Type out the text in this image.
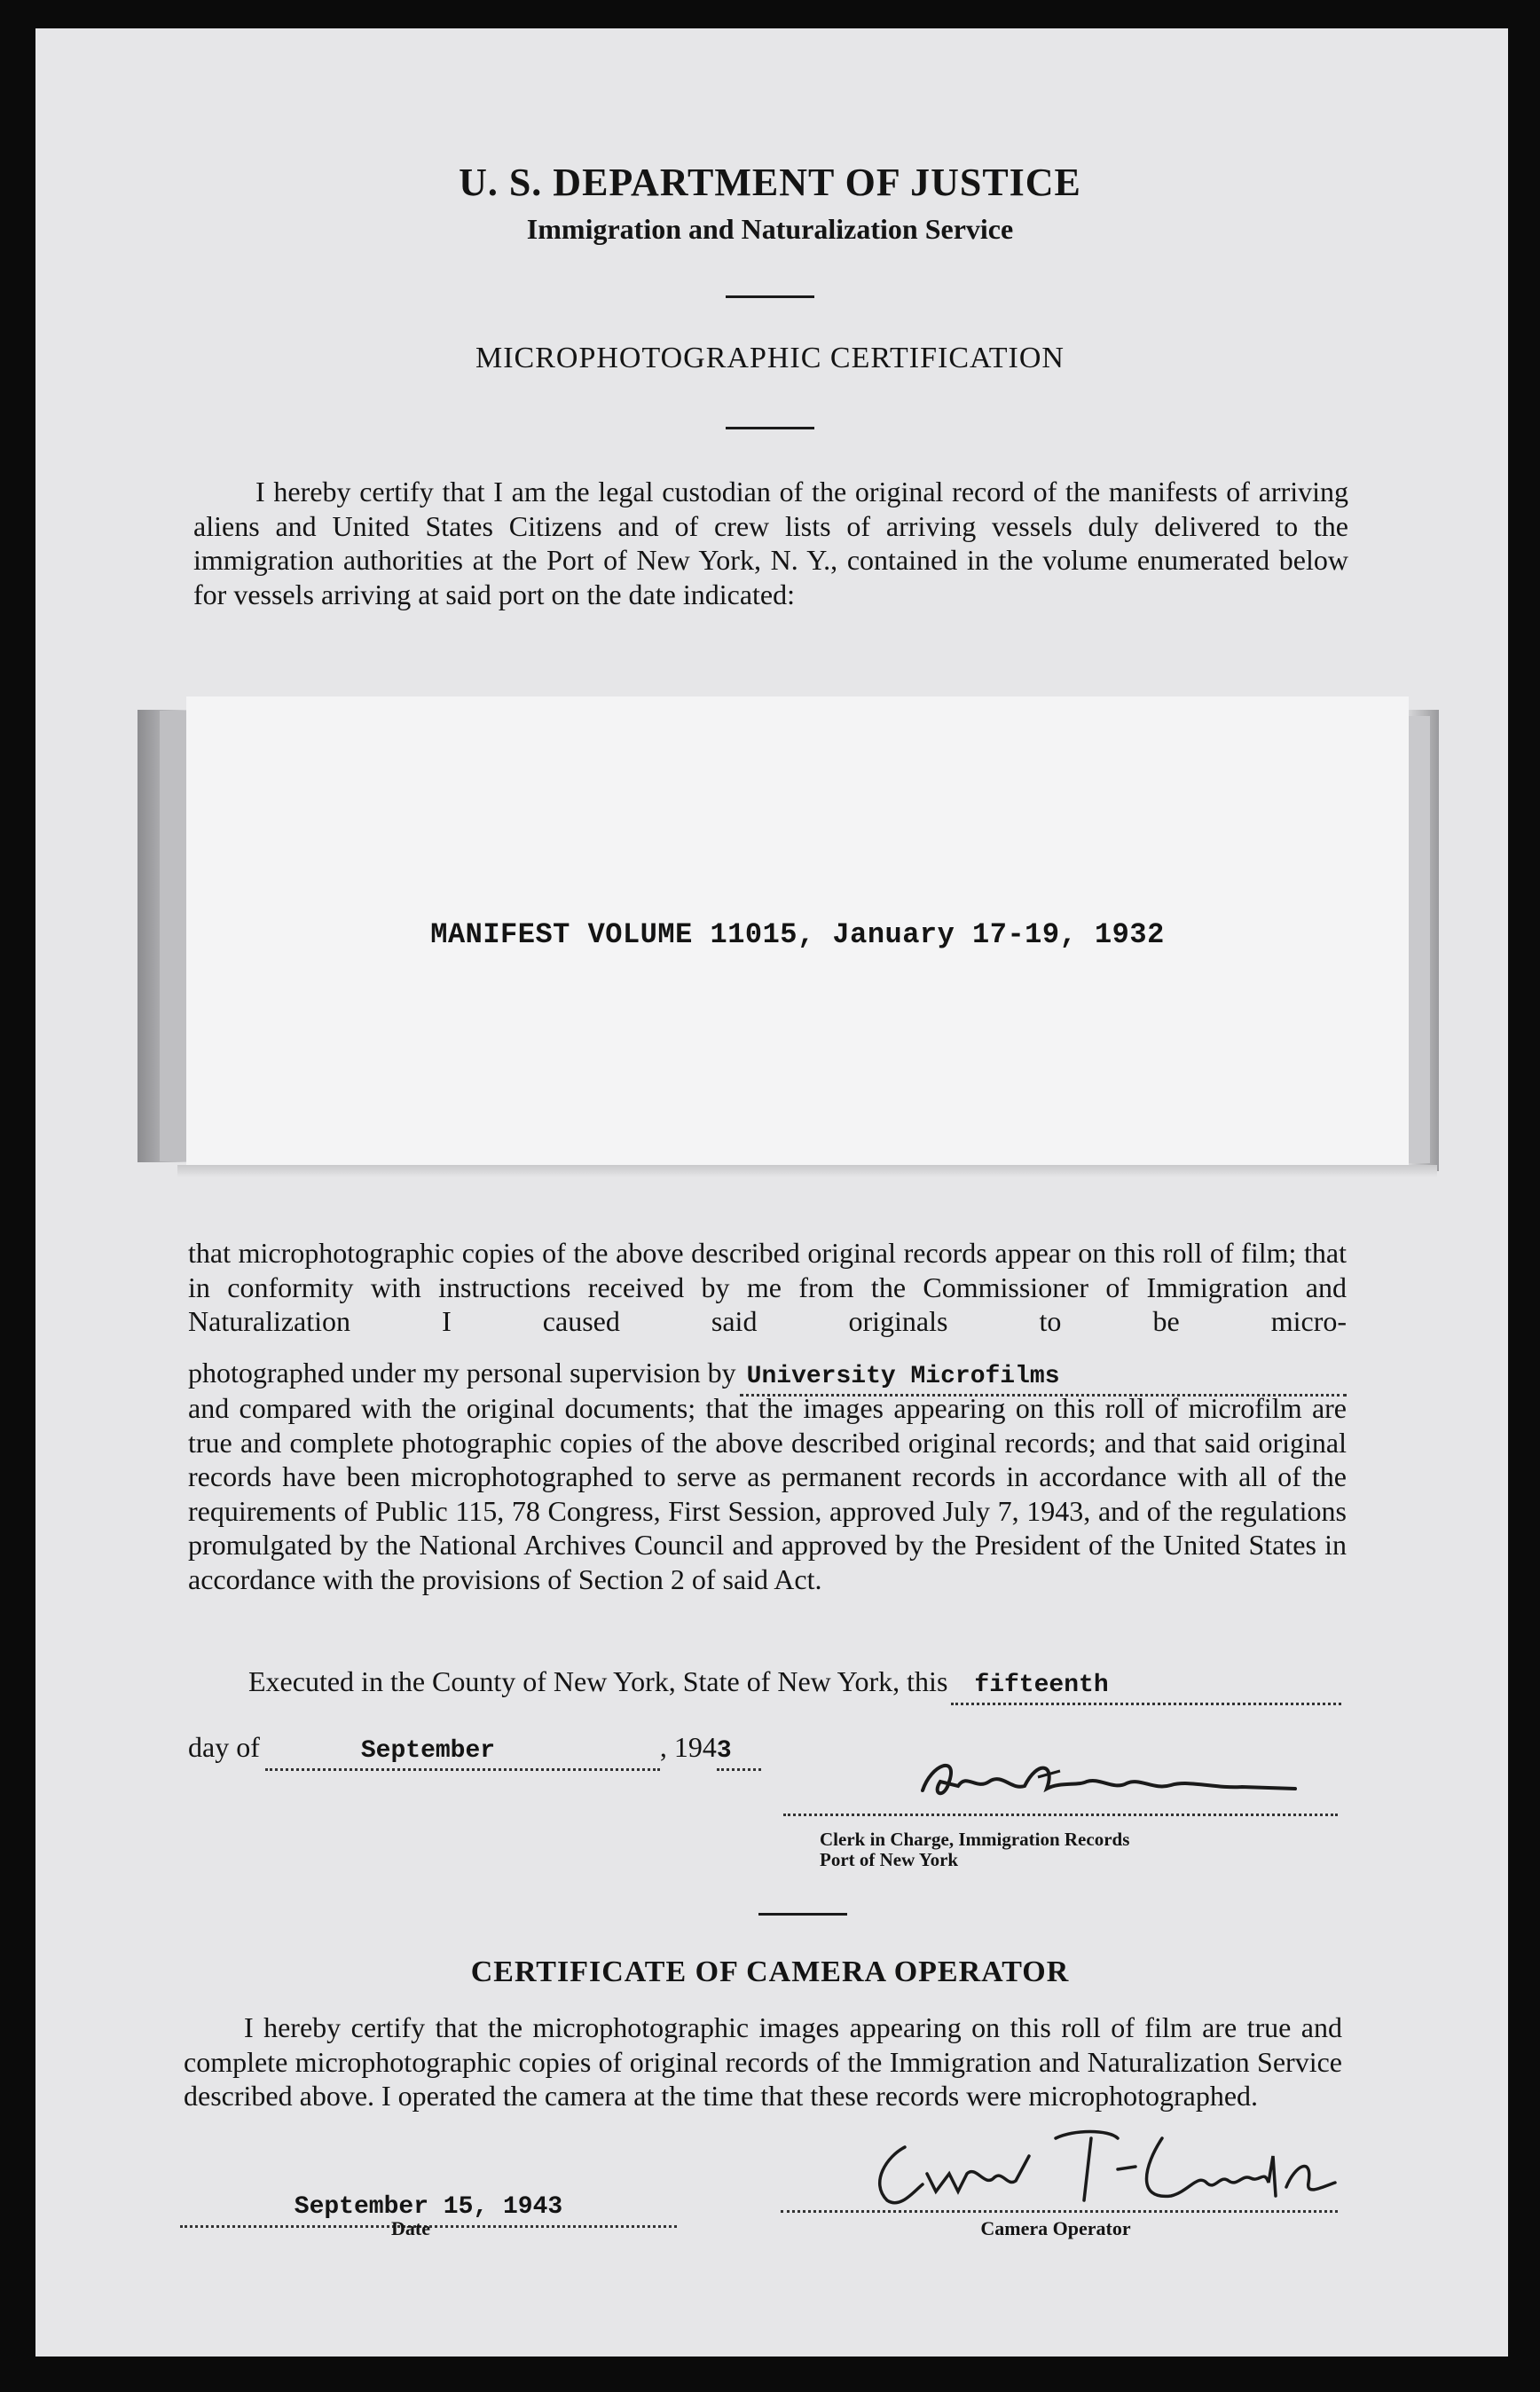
U. S. DEPARTMENT OF JUSTICE
Immigration and Naturalization Service
MICROPHOTOGRAPHIC CERTIFICATION
I hereby certify that I am the legal custodian of the original record of the manifests of arriving aliens and United States Citizens and of crew lists of arriving vessels duly delivered to the immigration authorities at the Port of New York, N. Y., contained in the volume enumerated below for vessels arriving at said port on the date indicated:
MANIFEST VOLUME 11015, January 17-19, 1932
that microphotographic copies of the above described original records appear on this roll of film; that in conformity with instructions received by me from the Commissioner of Immigration and Naturalization I caused said originals to be micro-
photographed under my personal supervision by University Microfilms
and compared with the original documents; that the images appearing on this roll of microfilm are true and complete photographic copies of the above described original records; and that said original records have been microphotographed to serve as permanent records in accordance with all of the requirements of Public 115, 78 Congress, First Session, approved July 7, 1943, and of the regulations promulgated by the National Archives Council and approved by the President of the United States in accordance with the provisions of Section 2 of said Act.
Executed in the County of New York, State of New York, this	fifteenth
day of	September	, 194 3
Clerk in Charge, Immigration Records
Port of New York
CERTIFICATE OF CAMERA OPERATOR
I hereby certify that the microphotographic images appearing on this roll of film are true and complete microphotographic copies of original records of the Immigration and Naturalization Service described above. I operated the camera at the time that these records were microphotographed.
September 15, 1943
Date	Camera Operator
